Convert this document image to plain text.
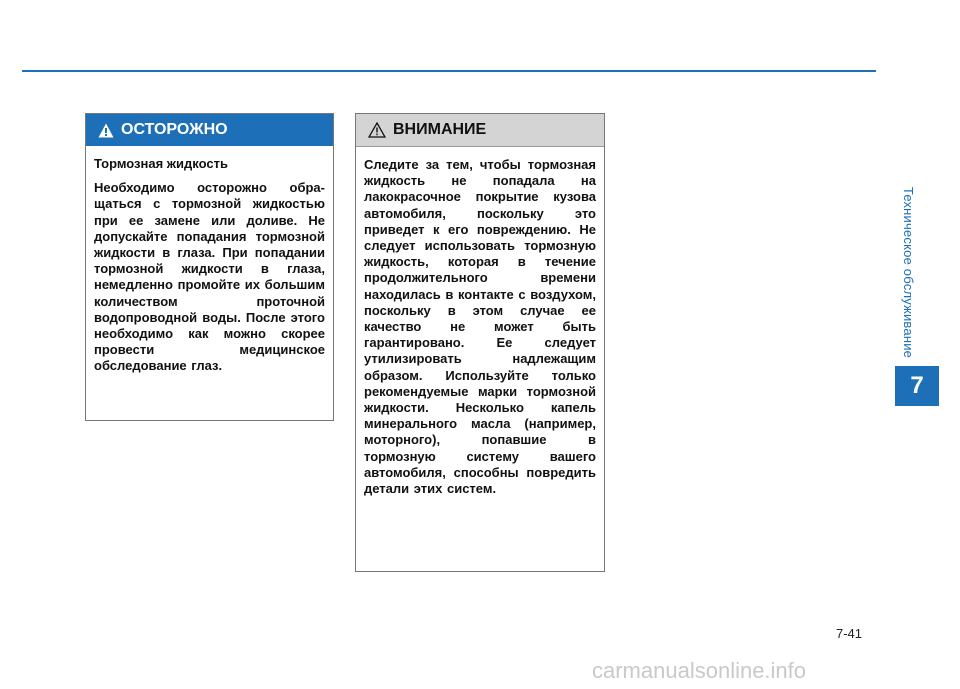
Техническое обслуживание
7
ОСТОРОЖНО

Тормозная жидкость

Необходимо осторожно обра-щаться с тормозной жидкостью при ее замене или доливе. Не допускайте попадания тормозной жидкости в глаза. При попадании тормозной жидкости в глаза, немедленно промойте их большим количеством проточной водопроводной воды. После этого необходимо как можно скорее провести медицинское обследование глаз.

ВНИМАНИЕ

Следите за тем, чтобы тормозная жидкость не попадала на лакокрасочное покрытие кузова автомобиля, поскольку это приведет к его повреждению. Не следует использовать тормозную жидкость, которая в течение продолжительного времени находилась в контакте с воздухом, поскольку в этом случае ее качество не может быть гарантировано. Ее следует утилизировать надлежащим образом. Используйте только рекомендуемые марки тормозной жидкости. Несколько капель минерального масла (например, моторного), попавшие в тормозную систему вашего автомобиля, способны повредить детали этих систем.

7-41
carmanualsonline.info
